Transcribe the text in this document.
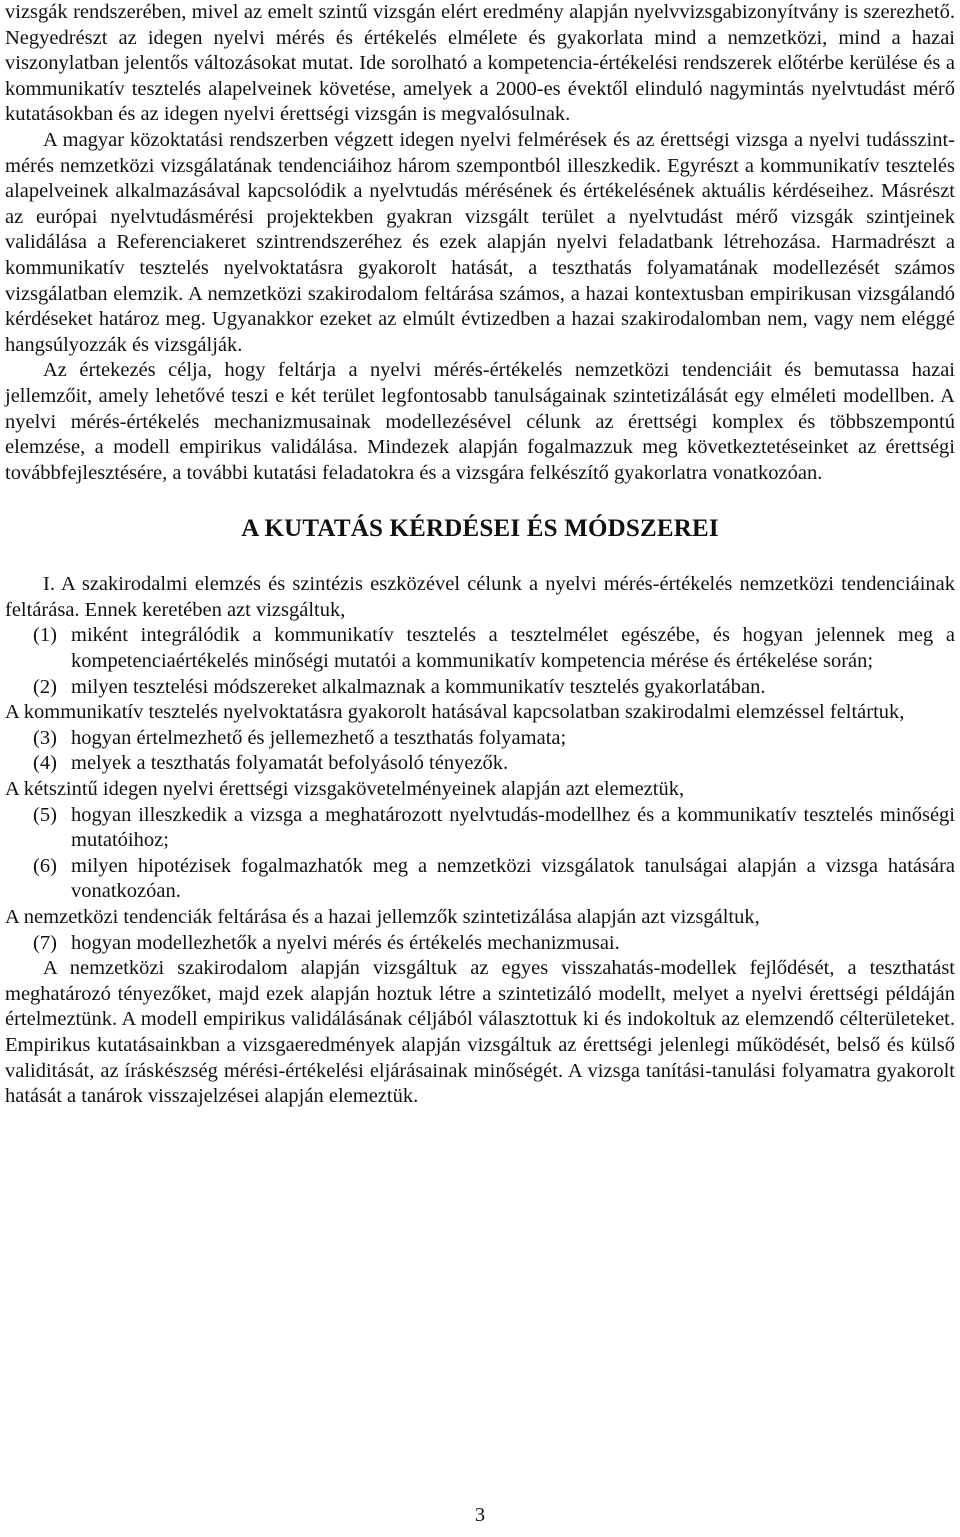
vizsgák rendszerében, mivel az emelt szintű vizsgán elért eredmény alapján nyelvvizsgabizonyítvány is szerezhető. Negyedrészt az idegen nyelvi mérés és értékelés elmélete és gyakorlata mind a nemzetközi, mind a hazai viszonylatban jelentős változásokat mutat. Ide sorolható a kompetencia-értékelési rendszerek előtérbe kerülése és a kommunikatív tesztelés alapelveinek követése, amelyek a 2000-es évektől elinduló nagymintás nyelvtudást mérő kutatásokban és az idegen nyelvi érettségi vizsgán is megvalósulnak.

A magyar közoktatási rendszerben végzett idegen nyelvi felmérések és az érettségi vizsga a nyelvi tudásszint-mérés nemzetközi vizsgálatának tendenciáihoz három szempontból illeszkedik. Egyrészt a kommunikatív tesztelés alapelveinek alkalmazásával kapcsolódik a nyelvtudás mérésének és értékelésének aktuális kérdéseihez. Másrészt az európai nyelvtudásmérési projektekben gyakran vizsgált terület a nyelvtudást mérő vizsgák szintjeinek validálása a Referenciakeret szintrendszeréhez és ezek alapján nyelvi feladatbank létrehozása. Harmadrészt a kommunikatív tesztelés nyelvoktatásra gyakorolt hatását, a teszthatás folyamatának modellezését számos vizsgálatban elemzik. A nemzetközi szakirodalom feltárása számos, a hazai kontextusban empirikusan vizsgálandó kérdéseket határoz meg. Ugyanakkor ezeket az elmúlt évtizedben a hazai szakirodalomban nem, vagy nem eléggé hangsúlyozzák és vizsgálják.

Az értekezés célja, hogy feltárja a nyelvi mérés-értékelés nemzetközi tendenciáit és bemutassa hazai jellemzőit, amely lehetővé teszi e két terület legfontosabb tanulságainak szintetizálását egy elméleti modellben. A nyelvi mérés-értékelés mechanizmusainak modellezésével célunk az érettségi komplex és többszempontú elemzése, a modell empirikus validálása. Mindezek alapján fogalmazzuk meg következtetéseinket az érettségi továbbfejlesztésére, a további kutatási feladatokra és a vizsgára felkészítő gyakorlatra vonatkozóan.

A KUTATÁS KÉRDÉSEI ÉS MÓDSZEREI

I. A szakirodalmi elemzés és szintézis eszközével célunk a nyelvi mérés-értékelés nemzetközi tendenciáinak feltárása. Ennek keretében azt vizsgáltuk,

(1) miként integrálódik a kommunikatív tesztelés a tesztelmélet egészébe, és hogyan jelennek meg a kompetenciaértékelés minőségi mutatói a kommunikatív kompetencia mérése és értékelése során;
(2) milyen tesztelési módszereket alkalmaznak a kommunikatív tesztelés gyakorlatában.

A kommunikatív tesztelés nyelvoktatásra gyakorolt hatásával kapcsolatban szakirodalmi elemzéssel feltártuk,

(3) hogyan értelmezhető és jellemezhető a teszthatás folyamata;
(4) melyek a teszthatás folyamatát befolyásoló tényezők.

A kétszintű idegen nyelvi érettségi vizsgakövetelményeinek alapján azt elemeztük,

(5) hogyan illeszkedik a vizsga a meghatározott nyelvtudás-modellhez és a kommunikatív tesztelés minőségi mutatóihoz;
(6) milyen hipotézisek fogalmazhatók meg a nemzetközi vizsgálatok tanulságai alapján a vizsga hatására vonatkozóan.

A nemzetközi tendenciák feltárása és a hazai jellemzők szintetizálása alapján azt vizsgáltuk,

(7) hogyan modellezhetők a nyelvi mérés és értékelés mechanizmusai.

A nemzetközi szakirodalom alapján vizsgáltuk az egyes visszahatás-modellek fejlődését, a teszthatást meghatározó tényezőket, majd ezek alapján hoztuk létre a szintetizáló modellt, melyet a nyelvi érettségi példáján értelmeztünk. A modell empirikus validálásának céljából választottuk ki és indokoltuk az elemzendő célterületeket. Empirikus kutatásainkban a vizsgaeredmények alapján vizsgáltuk az érettségi jelenlegi működését, belső és külső validitását, az íráskészség mérési-értékelési eljárásainak minőségét. A vizsga tanítási-tanulási folyamatra gyakorolt hatását a tanárok visszajelzései alapján elemeztük.

3
